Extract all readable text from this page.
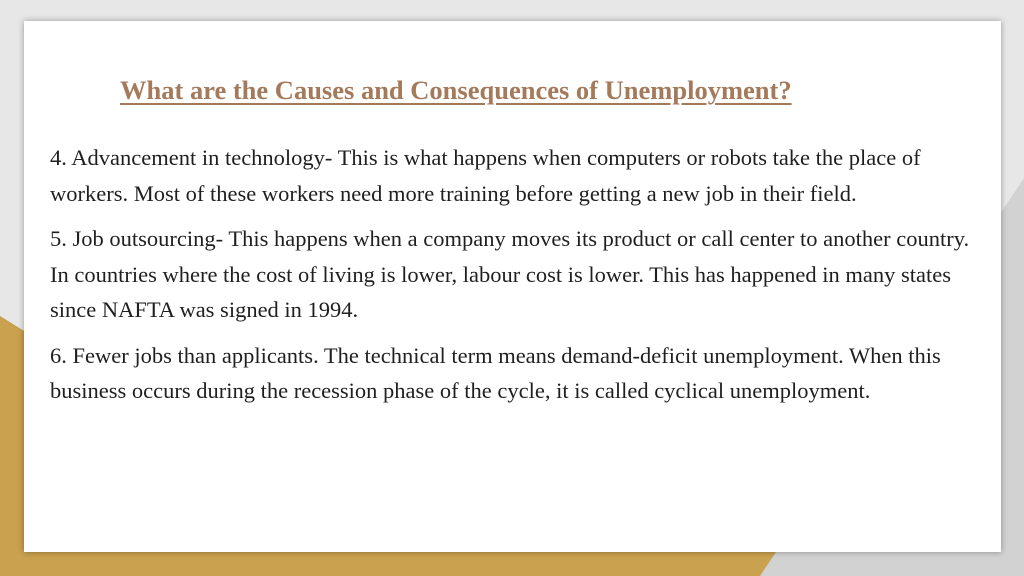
What are the Causes and Consequences of Unemployment?

4. Advancement in technology- This is what happens when computers or robots take the place of workers. Most of these workers need more training before getting a new job in their field.

5. Job outsourcing- This happens when a company moves its product or call center to another country. In countries where the cost of living is lower, labour cost is lower. This has happened in many states since NAFTA was signed in 1994.

6. Fewer jobs than applicants. The technical term means demand-deficit unemployment. When this business occurs during the recession phase of the cycle, it is called cyclical unemployment.
